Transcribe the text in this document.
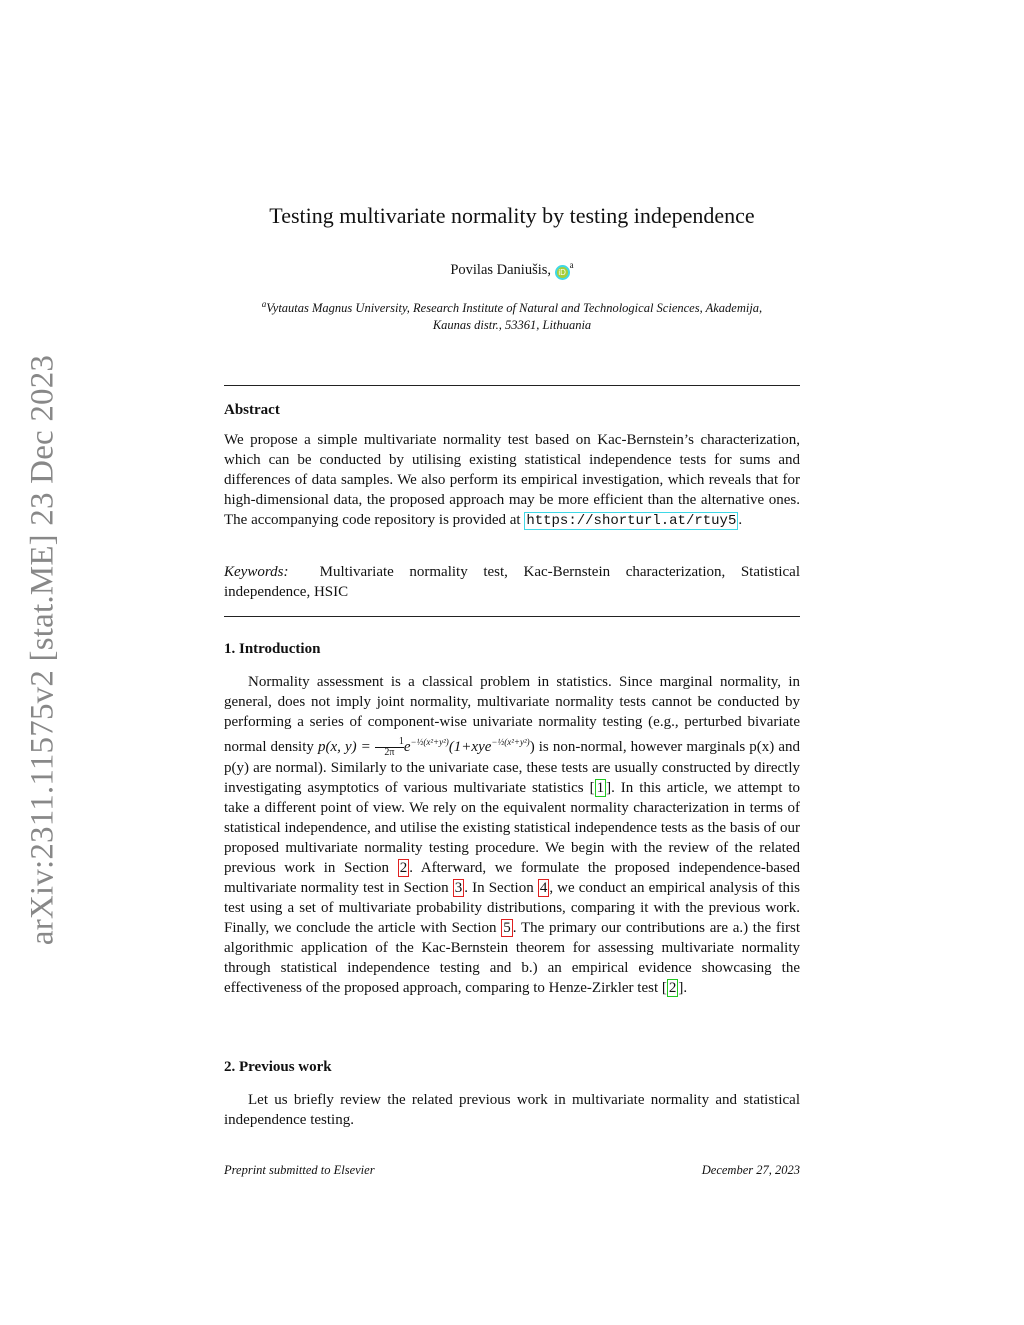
arXiv:2311.11575v2 [stat.ME] 23 Dec 2023
Testing multivariate normality by testing independence
Povilas Daniušis, $iD^a$
$^a$Vytautas Magnus University, Research Institute of Natural and Technological Sciences, Akademija,
Kaunas distr., 53361, Lithuania
Abstract
We propose a simple multivariate normality test based on Kac-Bernstein’s characterization, which can be conducted by utilising existing statistical independence tests for sums and differences of data samples. We also perform its empirical investigation, which reveals that for high-dimensional data, the proposed approach may be more efficient than the alternative ones. The accompanying code repository is provided at https://shorturl.at/rtuy5 .
Keywords: Multivariate normality test, Kac-Bernstein characterization, Statistical independence, HSIC
1. Introduction
Normality assessment is a classical problem in statistics. Since marginal normality, in general, does not imply joint normality, multivariate normality tests cannot be conducted by performing a series of component-wise univariate normality testing (e.g., perturbed bivariate normal density p(x, $y) = \frac{1}{2\pi}e^{-\frac{1}{2}(x^2+y^2)}(1+xye^{-\frac{1}{2}(x^2+y^2)})$ is non-normal, however marginals p(x) and p(y) are normal). Similarly to the univariate case, these tests are usually constructed by directly investigating asymptotics of various multivariate statistics [ 1 ]. In this article, we attempt to take a different point of view. We rely on the equivalent normality characterization in terms of statistical independence, and utilise the existing statistical independence tests as the basis of our proposed multivariate normality testing procedure. We begin with the review of the related previous work in Section 2 . Afterward, we formulate the proposed independence-based multivariate normality test in Section 3 . In Section 4 , we conduct an empirical analysis of this test using a set of multivariate probability distributions, comparing it with the previous work. Finally, we conclude the article with Section 5 . The primary our contributions are a.) the first algorithmic application of the Kac-Bernstein theorem for assessing multivariate normality through statistical independence testing and b.) an empirical evidence showcasing the effectiveness of the proposed approach, comparing to Henze-Zirkler test [ 2 ].
2. Previous work
Let us briefly review the related previous work in multivariate normality and statistical independence testing.
Preprint submitted to Elsevier	December 27, 2023
